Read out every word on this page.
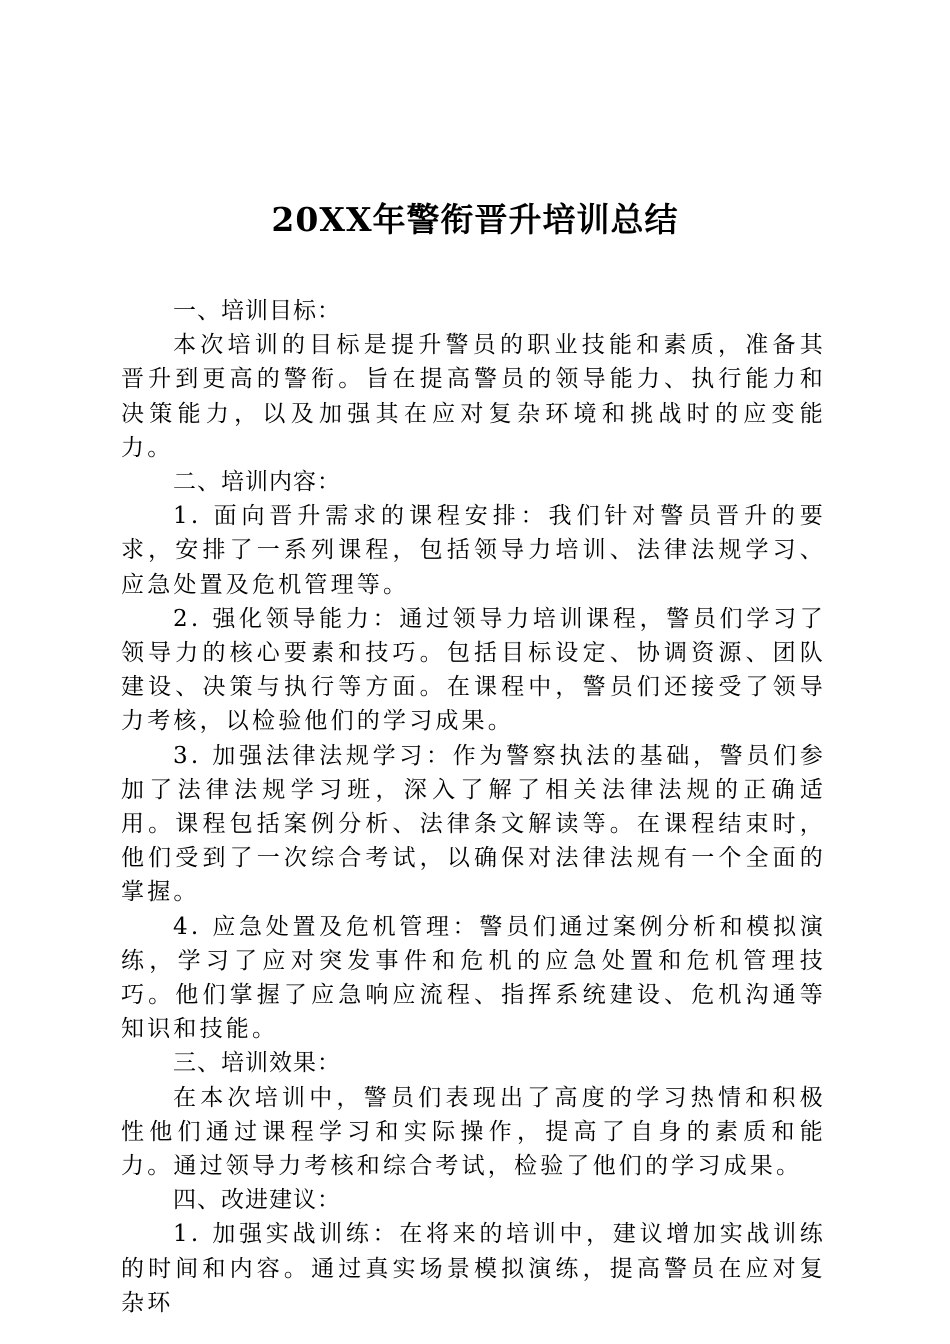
20XX年警衔晋升培训总结

一、培训目标：

本次培训的目标是提升警员的职业技能和素质，准备其晋升到更高的警衔。旨在提高警员的领导能力、执行能力和决策能力，以及加强其在应对复杂环境和挑战时的应变能力。

二、培训内容：

1. 面向晋升需求的课程安排：我们针对警员晋升的要求，安排了一系列课程，包括领导力培训、法律法规学习、应急处置及危机管理等。

2. 强化领导能力：通过领导力培训课程，警员们学习了领导力的核心要素和技巧。包括目标设定、协调资源、团队建设、决策与执行等方面。在课程中，警员们还接受了领导力考核，以检验他们的学习成果。

3. 加强法律法规学习：作为警察执法的基础，警员们参加了法律法规学习班，深入了解了相关法律法规的正确适用。课程包括案例分析、法律条文解读等。在课程结束时，他们受到了一次综合考试，以确保对法律法规有一个全面的掌握。

4. 应急处置及危机管理：警员们通过案例分析和模拟演练，学习了应对突发事件和危机的应急处置和危机管理技巧。他们掌握了应急响应流程、指挥系统建设、危机沟通等知识和技能。

三、培训效果：

在本次培训中，警员们表现出了高度的学习热情和积极性他们通过课程学习和实际操作，提高了自身的素质和能力。通过领导力考核和综合考试，检验了他们的学习成果。

四、改进建议：

1. 加强实战训练：在将来的培训中，建议增加实战训练的时间和内容。通过真实场景模拟演练，提高警员在应对复杂环
